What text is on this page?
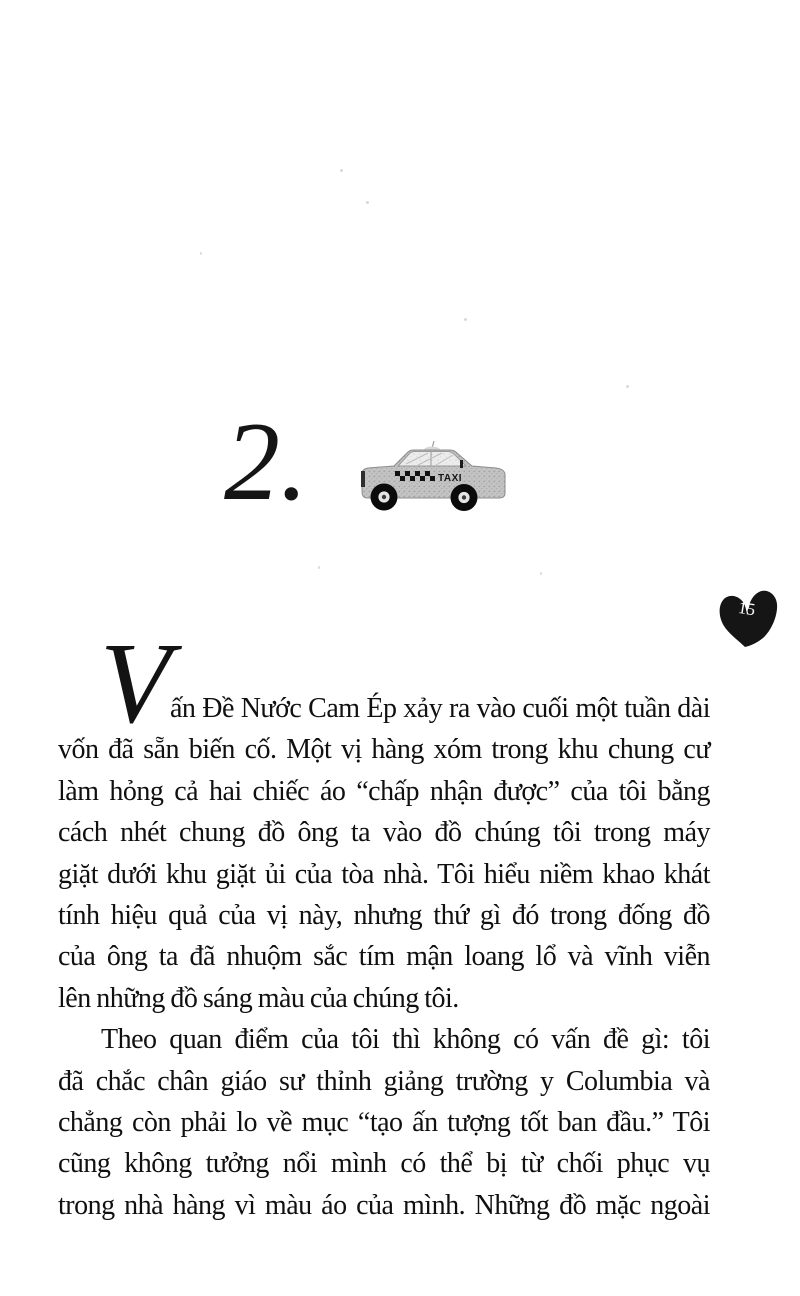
2.	TAXI
15
V ấn Đề Nước Cam Ép xảy ra vào cuối một tuần dài
vốn đã sẵn biến cố. Một vị hàng xóm trong khu chung cư
làm hỏng cả hai chiếc áo “chấp nhận được” của tôi bằng
cách nhét chung đồ ông ta vào đồ chúng tôi trong máy
giặt dưới khu giặt ủi của tòa nhà. Tôi hiểu niềm khao khát
tính hiệu quả của vị này, nhưng thứ gì đó trong đống đồ
của ông ta đã nhuộm sắc tím mận loang lổ và vĩnh viễn
lên những đồ sáng màu của chúng tôi.
Theo quan điểm của tôi thì không có vấn đề gì: tôi
đã chắc chân giáo sư thỉnh giảng trường y Columbia và
chẳng còn phải lo về mục “tạo ấn tượng tốt ban đầu.” Tôi
cũng không tưởng nổi mình có thể bị từ chối phục vụ
trong nhà hàng vì màu áo của mình. Những đồ mặc ngoài
